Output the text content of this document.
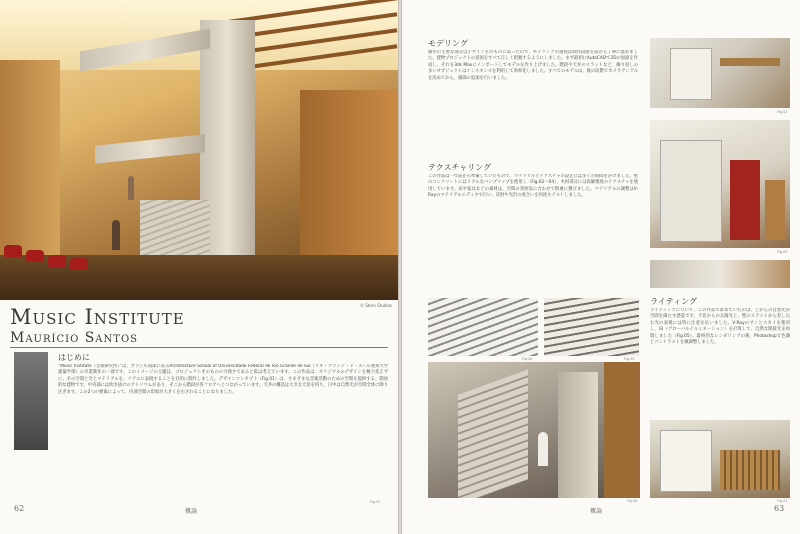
© Stern Studios
Music Institute
Maurício Santos
はじめに
“Music Institute（音楽研究所）”は、ブラジル南部にあるArchitecture School of Universidade Federal do Rio Grande do Sul（リオ・グランデ・ド・スール連邦大学建築学部）の卒業制作の一部です。このイメージの主題は、プロジェクトそのものの力強さであると私は考えています。この作品は、オリジナルのデザインを極力変えずに、その空間と光とマテリアルを、リアルに表現することを目的に制作しました。デザインコンセプト（Fig.01）は、さまざまな音楽活動のための空間を提供する、開放的な建物です。中央部には吹き抜けのアトリウムがあり、そこから階段が各フロアへとつながっています。天井の構造は大きな天窓を持ち、日中は自然光が空間全体に降り注ぎます。この2つの要素によって、内部空間の印象が大きく左右されることになりました。
Fig.01
62	概論
モデリング
制作の主要な部分はデザインそのものにあったので、モデリングの過程は制作段階を前から丁寧に進めました。建物プロジェクトの意図をすべて正しく把握するようにしました。まず最初にAutoCADで2Dの図面を作成し、それを3ds Maxにインポートしてモデルを作り上げました。階段や天井のスラットなど、繰り返しの多いオブジェクトはインスタンスを利用して効率化しました。すべてのモデルは、後の段階でカメラアングルを決めてから、細部の追加を行いました。
テクスチャリング
この作品は一年前から準備していたもので、マテリアルとテクスチャの設定には多くの時間をかけました。壁のコンクリートにはリアルなバンプマップを使用し（Fig.02～04）、木材部分には高解像度のテクスチャを使用しています。床や家具などの素材は、空間の雰囲気に合わせて慎重に選びました。マテリアルの調整はV-Rayのマテリアルエディタで行い、反射や光沢の度合いを何度もテストしました。
Fig.02
Fig.03
Fig.04	Fig.05
Fig.06
ライティング
ライティングについて、この作品で求めていたのは、上からの自然光が空間を満たす感覚です。天窓からの太陽光と、壁のスラットから差し込む光の表現には特に注意を払いました。V-Rayのサンとスカイを使用し、GI（グローバルイルミネーション）を計算して、自然な間接光を再現しました（Fig.05）。最終的なレンダリングの後、Photoshopで色調とコントラストを微調整しました。
Fig.07
概論	63
